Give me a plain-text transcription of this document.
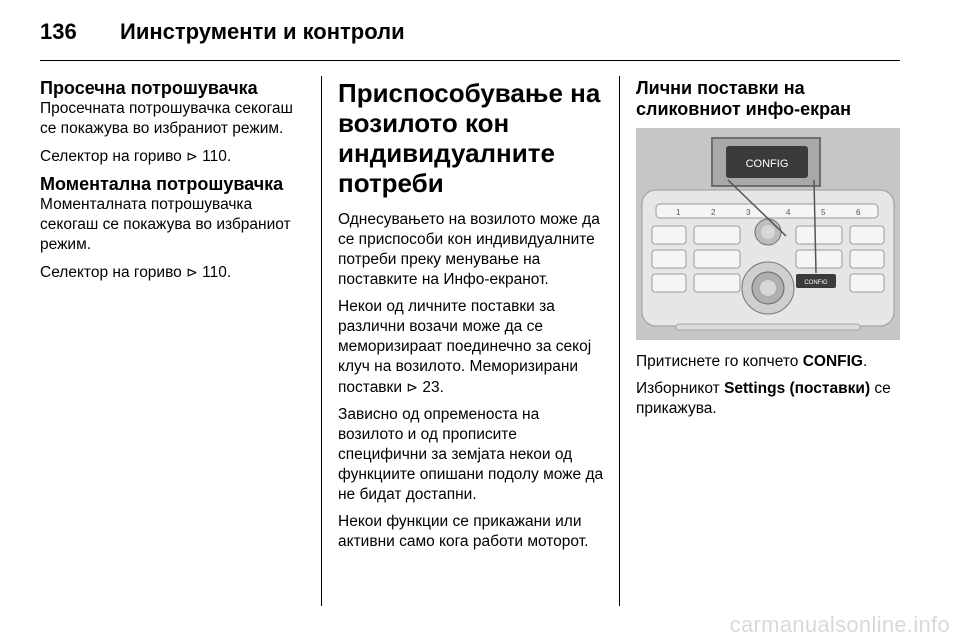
136 Иинструменти и контроли
Просечна потрошувачка

Просечната потрошувачка секогаш се покажува во избраниот режим.

Селектор на гориво ⊳ 110.

Моментална потрошувачка

Моменталната потрошувачка секогаш се покажува во избраниот режим.

Селектор на гориво ⊳ 110.

Приспособување на возилото кон индивидуалните потреби

Однесувањето на возилото може да се приспособи кон индивидуалните потреби преку менување на поставките на Инфо-екранот.

Некои од личните поставки за различни возачи може да се меморизираат поединечно за секој клуч на возилото. Меморизирани поставки ⊳ 23.

Зависно од опременоста на возилото и од прописите специфични за земјата некои од функциите опишани подолу може да не бидат достапни.

Некои функции се прикажани или активни само кога работи моторот.

Лични поставки на сликовниот инфо-екран
CONFIG
1	2	3	4	5	6
CONFIG

Притиснете го копчето CONFIG.

Изборникот Settings (поставки) се прикажува.

carmanualsonline.info
